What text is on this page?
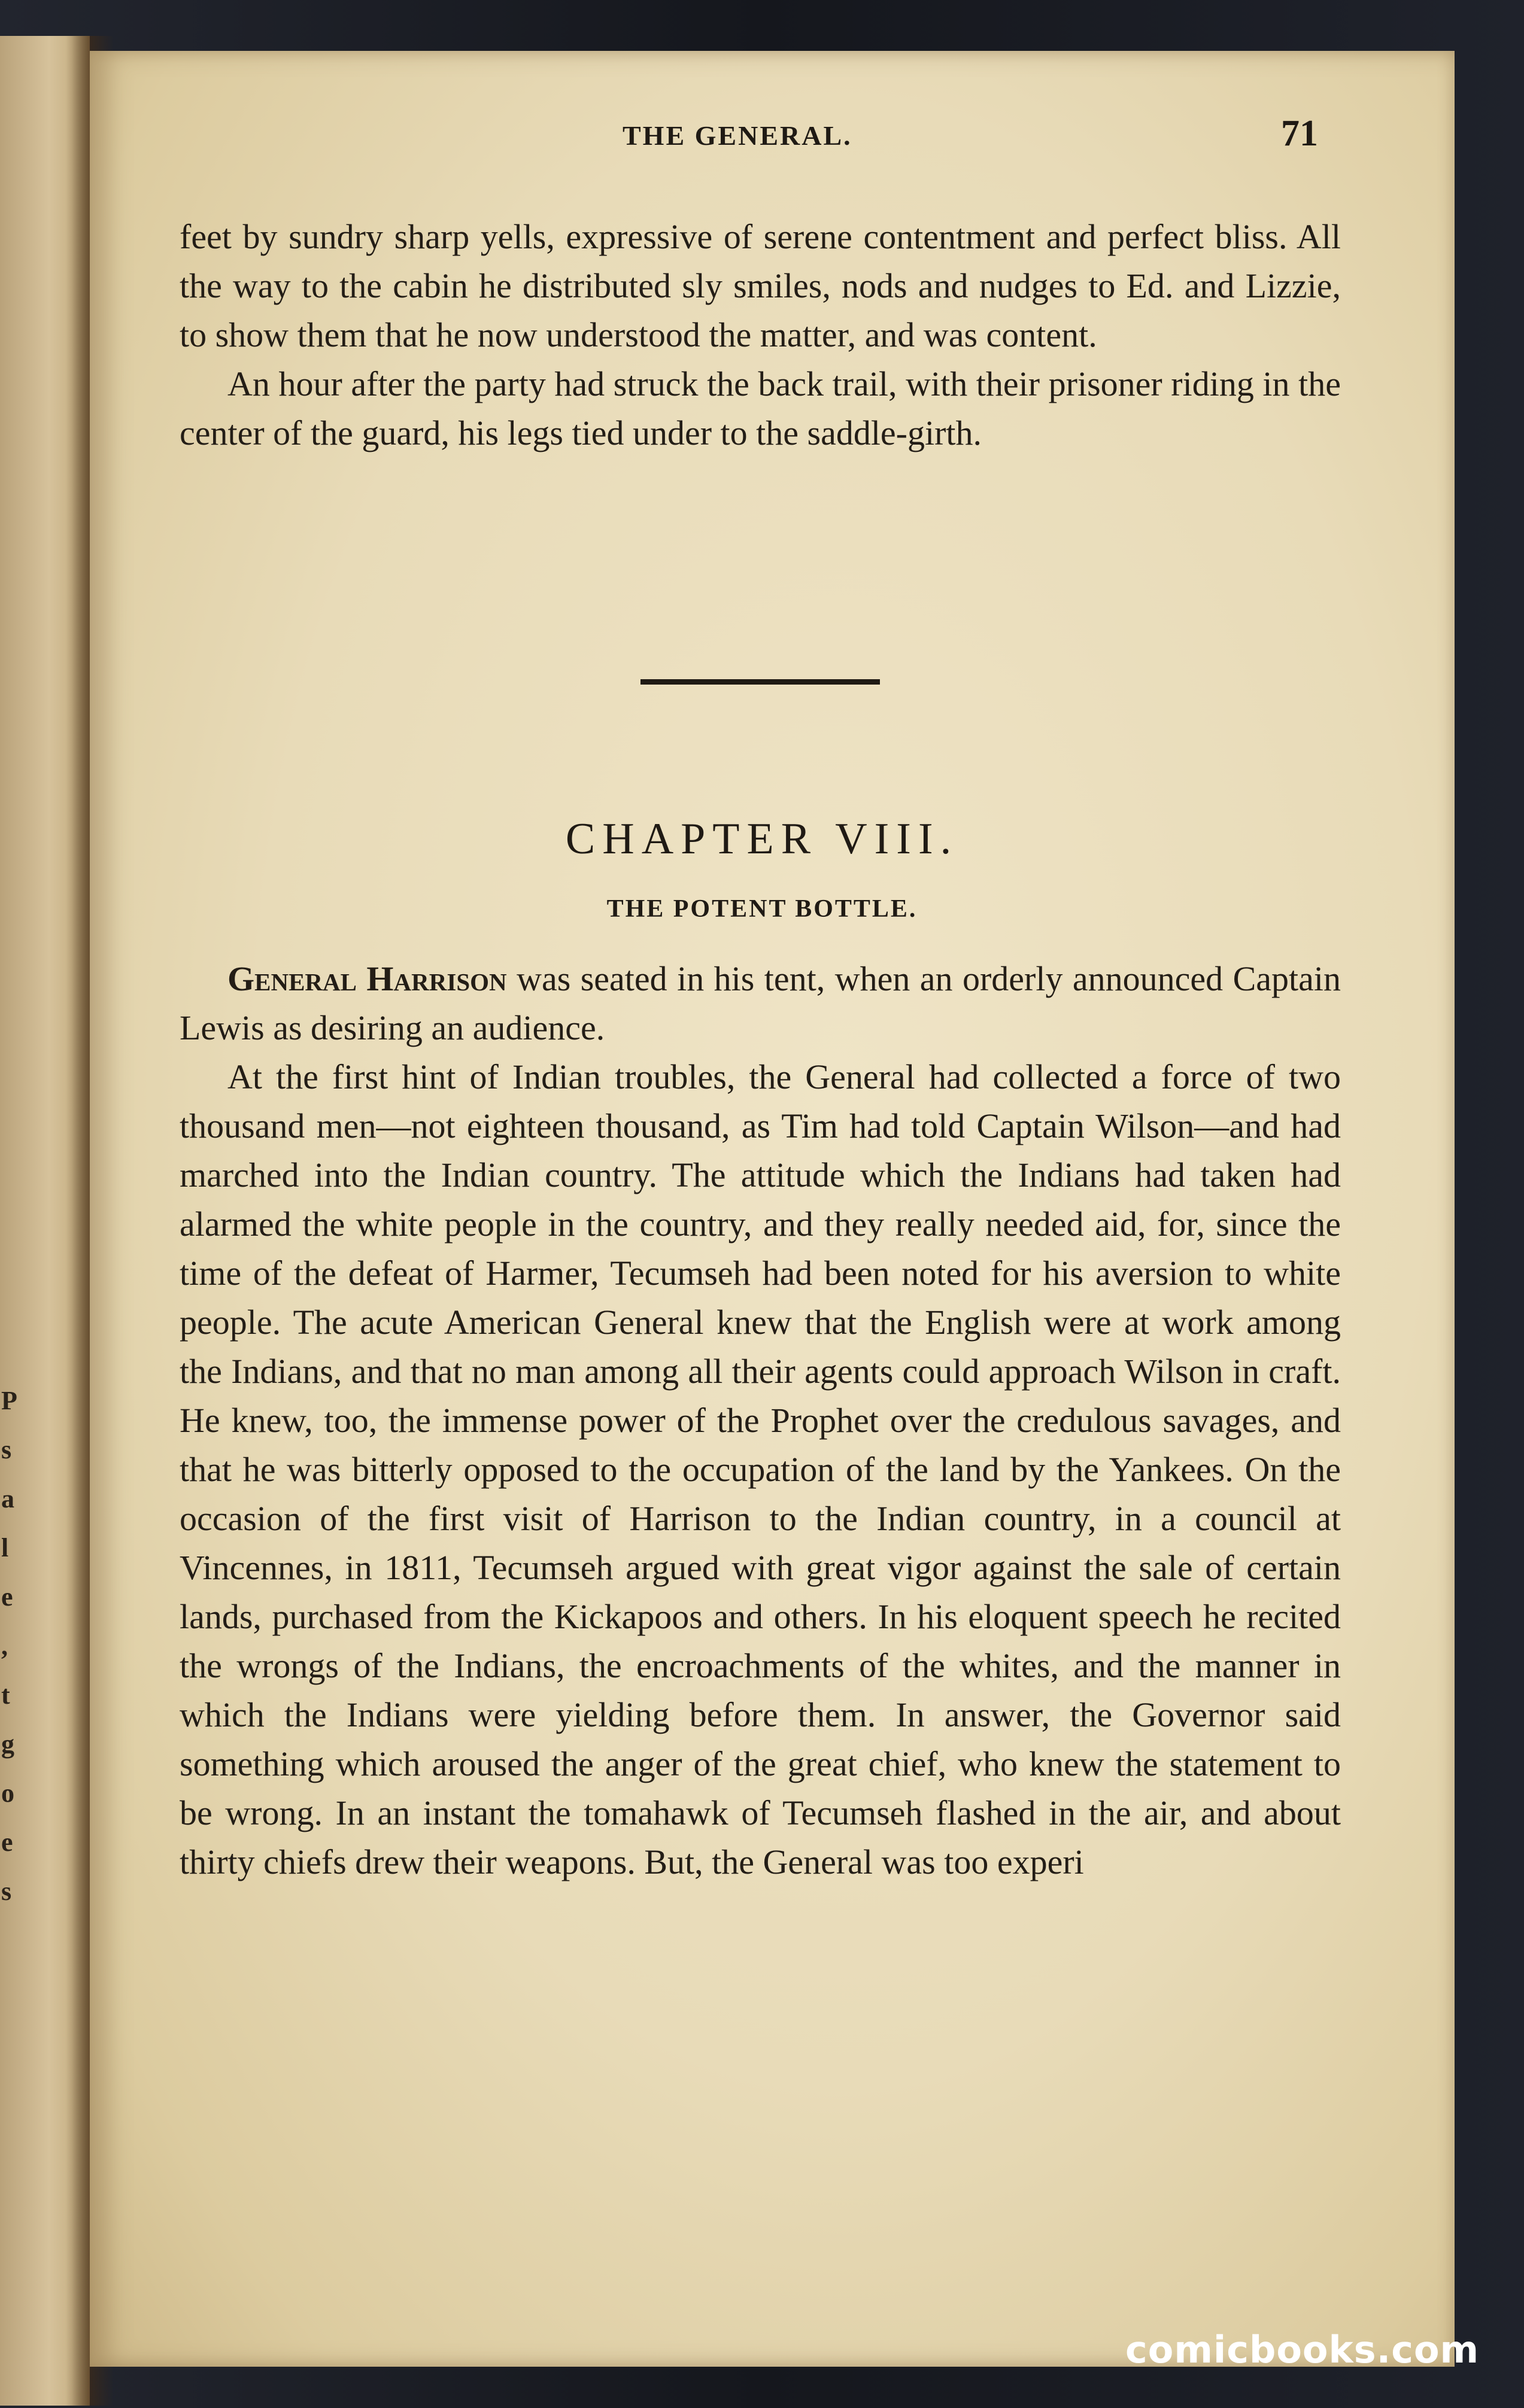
P
s
a
l
e
,
t
g
o
e
s
THE GENERAL.	71

feet by sundry sharp yells, expressive of serene contentment and perfect bliss. All the way to the cabin he distributed sly smiles, nods and nudges to Ed. and Lizzie, to show them that he now understood the matter, and was content.

An hour after the party had struck the back trail, with their prisoner riding in the center of the guard, his legs tied under to the saddle-girth.

CHAPTER VIII.
THE POTENT BOTTLE.

General Harrison was seated in his tent, when an orderly announced Captain Lewis as desiring an audience.

At the first hint of Indian troubles, the General had collected a force of two thousand men—not eighteen thousand, as Tim had told Captain Wilson—and had marched into the Indian country. The attitude which the Indians had taken had alarmed the white people in the country, and they really needed aid, for, since the time of the defeat of Harmer, Tecumseh had been noted for his aversion to white people. The acute American General knew that the English were at work among the Indians, and that no man among all their agents could approach Wilson in craft. He knew, too, the immense power of the Prophet over the credulous savages, and that he was bitterly opposed to the occupation of the land by the Yankees. On the occasion of the first visit of Harrison to the Indian country, in a council at Vincennes, in 1811, Tecumseh argued with great vigor against the sale of certain lands, purchased from the Kickapoos and others. In his eloquent speech he recited the wrongs of the Indians, the encroachments of the whites, and the manner in which the Indians were yielding before them. In answer, the Governor said something which aroused the anger of the great chief, who knew the statement to be wrong. In an instant the tomahawk of Tecumseh flashed in the air, and about thirty chiefs drew their weapons. But, the General was too experi

comicbooks.com
